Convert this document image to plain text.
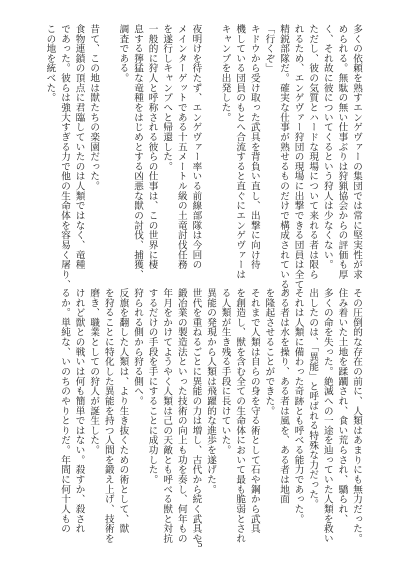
多くの依頼を熟すエンゲヴァーの集団では常に堅実性が求
められる。無駄の無い仕事ぶりは狩猟協会からの評価も厚
く、それ故に彼についてくるという狩人は少なくない。
ただし、彼の気質とハードな現場について来れる者は限ら
れるため、エンゲヴァー狩団の現場に出撃できる団員は全て
精鋭部隊だ。確実な仕事が熟せるものだけで構成されている。
「行くぞ」
キドウから受け取った武具を背負い直し、出撃に向け待
機している団員のもとへ合流すると直ぐにエンゲヴァーは
キャンプを出発した。
夜明けを待たず、エンゲヴァー率いる前線部隊は今回の
メインターゲットである十五メートル級の土竜討伐任務
を遂行しキャンプへと帰還した。
一般的に狩人と呼称される彼らの仕事は、この世界に棲
息する獰猛な竜種をはじめとする凶悪な獣の討伐、捕獲、
調査である。
昔て、この地は獣たちの楽園だった。
食物連鎖の頂点に君臨していたのは人類ではなく、竜種
であった。彼らは強大すぎる力で他の生命体を容易く屠り、
この地を統べた。
その圧倒的な存在の前に、人類はあまりにも無力だった。
住み着いた土地を蹂躙され、食い荒らされ、驕られ、
多くの命を失った。絶滅への一途を辿っていた人類を救い
出したのは、「異能」と呼ばれる特殊な力だった。
それは人類に備わった奇跡とも呼べる能力であった。
ある者は水を操り、ある者は風を、ある者は地面
を隆起させることができた。
それまで人類は自らの身を守る術として石や鋼から武具
を創造し、獣を含む全ての生命体において最も脆弱とされ
る人類が生き残る手段に長けていた。
異能の発現から人類は飛躍的な進歩を遂げた。
世代を重ねるごとに異能の力は増し、古代から続く武具や
鍛冶業の製造法といった技術の向上も功を奏し、何年もの
年月をかけてようやく人類は己の天敵とも呼べる獣と対抗
するだけの手段を手にすることに成功した。
狩られる側から狩る側へ。
反旗を翻した人類は、より生き抜くための術として、獣
を狩ることに特化した異能を持つ人間を鍛え上げ、技術を
磨き、職業としての狩人が誕生した。
けれど獣との戦いは何も簡単ではない。殺すか、殺され
るか。単純な、いのちのやりとりだ。年間に何十人もの
5
